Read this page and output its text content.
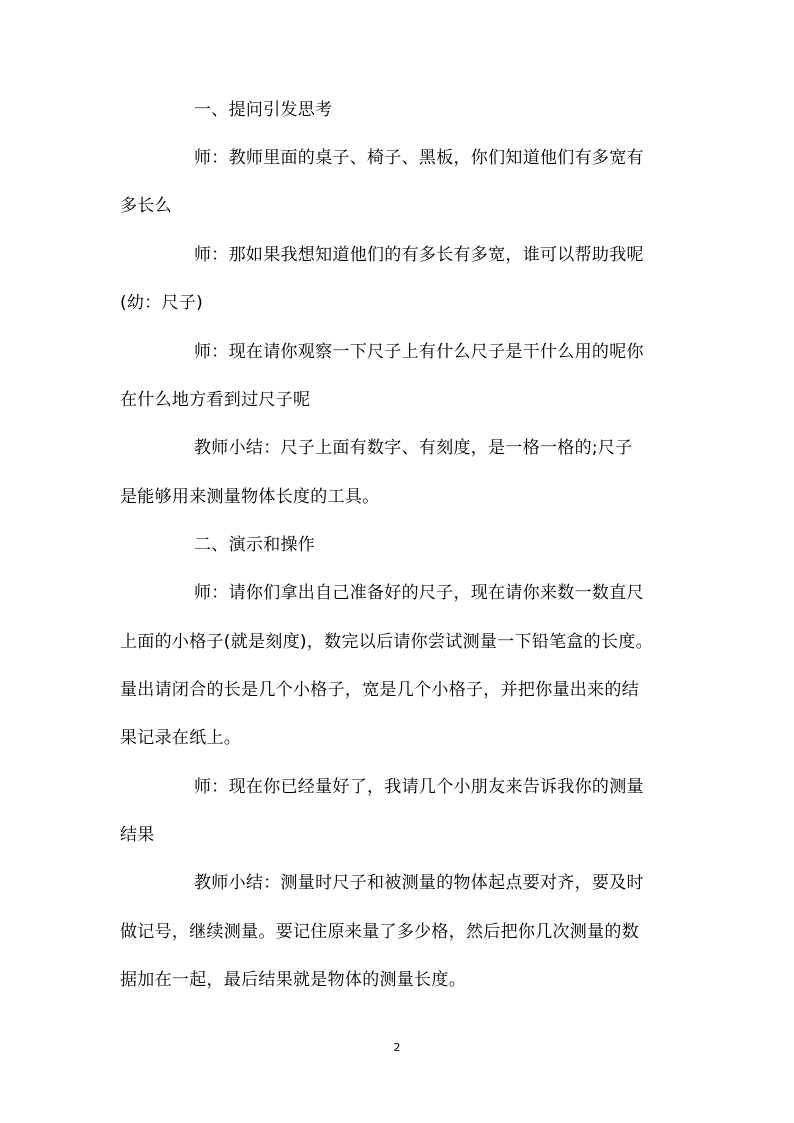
一、提问引发思考
师：教师里面的桌子、椅子、黑板，你们知道他们有多宽有
多长么
师：那如果我想知道他们的有多长有多宽，谁可以帮助我呢
(幼：尺子)
师：现在请你观察一下尺子上有什么尺子是干什么用的呢你
在什么地方看到过尺子呢
教师小结：尺子上面有数字、有刻度，是一格一格的;尺子
是能够用来测量物体长度的工具。
二、演示和操作
师：请你们拿出自己准备好的尺子，现在请你来数一数直尺
上面的小格子(就是刻度)，数完以后请你尝试测量一下铅笔盒的长度。
量出请闭合的长是几个小格子，宽是几个小格子，并把你量出来的结
果记录在纸上。
师：现在你已经量好了，我请几个小朋友来告诉我你的测量
结果
教师小结：测量时尺子和被测量的物体起点要对齐，要及时
做记号，继续测量。要记住原来量了多少格，然后把你几次测量的数
据加在一起，最后结果就是物体的测量长度。
2
